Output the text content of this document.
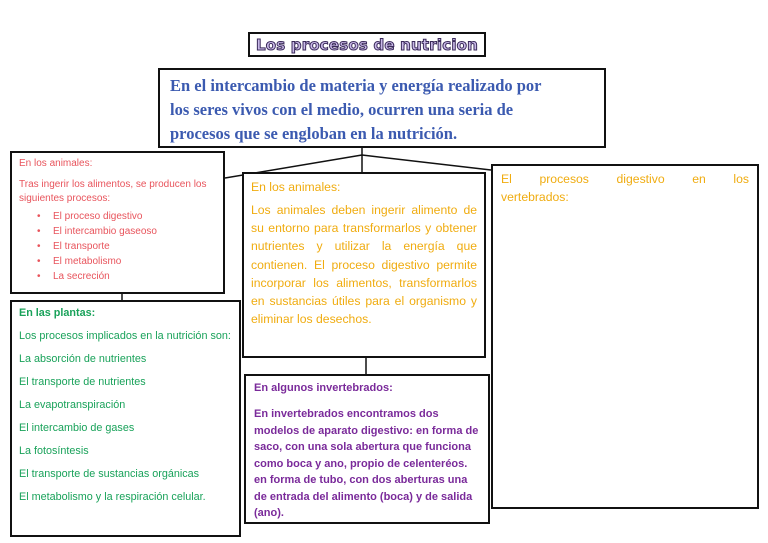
Los procesos de nutricion

En el intercambio de materia y energía realizado por

los seres vivos con el medio, ocurren una seria de

procesos que se engloban en la nutrición.

En los animales:
Tras ingerir los alimentos, se producen los siguientes procesos:
• El proceso digestivo
• El intercambio gaseoso
• El transporte
• El metabolismo
• La secreción
En las plantas:
Los procesos implicados en la nutrición son:
La absorción de nutrientes
El transporte de nutrientes
La evapotranspiración
El intercambio de gases
La fotosíntesis
El transporte de sustancias orgánicas
El metabolismo y la respiración celular.
En los animales:
Los animales deben ingerir alimento de su entorno para transformarlos y obtener nutrientes y utilizar la energía que contienen. El proceso digestivo permite incorporar los alimentos, transformarlos en sustancias útiles para el organismo y eliminar los desechos.
En algunos invertebrados:
En invertebrados encontramos dos modelos de aparato digestivo: en forma de saco, con una sola abertura que funciona como boca y ano, propio de celenteréos. en forma de tubo, con dos aberturas una de entrada del alimento (boca) y de salida (ano).
El procesos digestivo en los
vertebrados:
